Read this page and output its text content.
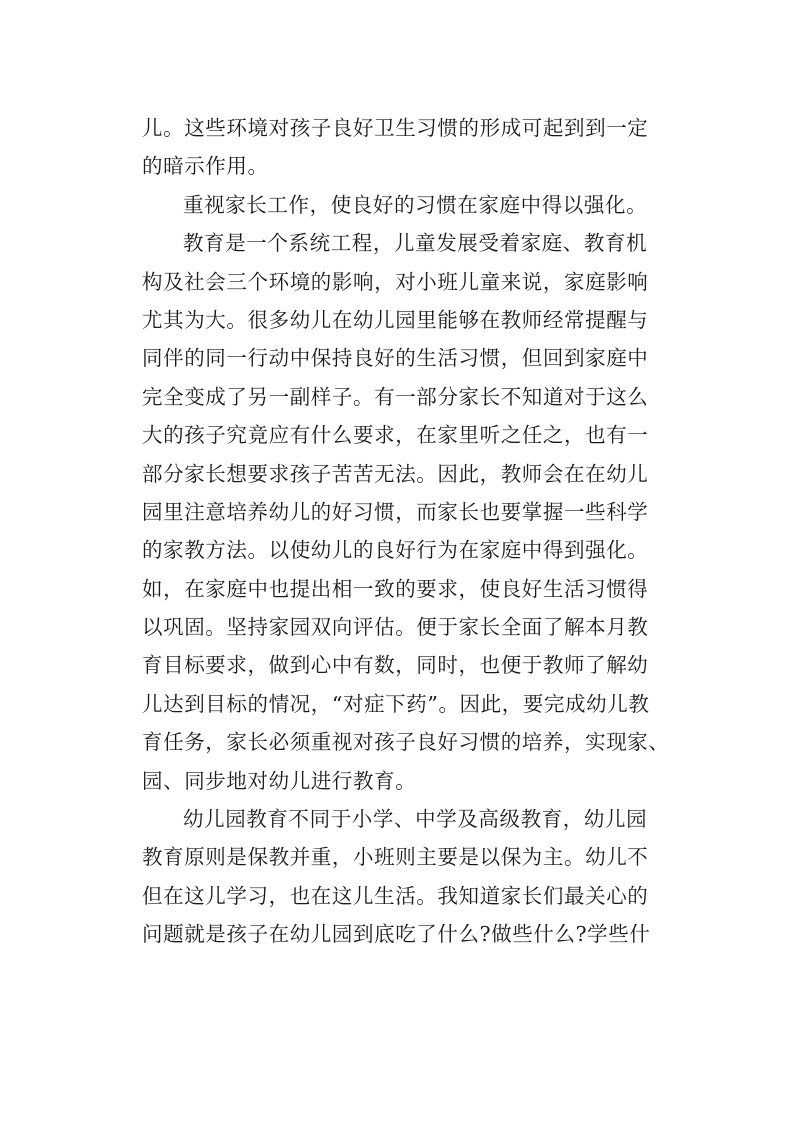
儿。这些环境对孩子良好卫生习惯的形成可起到到一定
的暗示作用。
重视家长工作，使良好的习惯在家庭中得以强化。
教育是一个系统工程，儿童发展受着家庭、教育机
构及社会三个环境的影响，对小班儿童来说，家庭影响
尤其为大。很多幼儿在幼儿园里能够在教师经常提醒与
同伴的同一行动中保持良好的生活习惯，但回到家庭中
完全变成了另一副样子。有一部分家长不知道对于这么
大的孩子究竟应有什么要求，在家里听之任之，也有一
部分家长想要求孩子苦苦无法。因此，教师会在在幼儿
园里注意培养幼儿的好习惯，而家长也要掌握一些科学
的家教方法。以使幼儿的良好行为在家庭中得到强化。
如，在家庭中也提出相一致的要求，使良好生活习惯得
以巩固。坚持家园双向评估。便于家长全面了解本月教
育目标要求，做到心中有数，同时，也便于教师了解幼
儿达到目标的情况，“对症下药”。因此，要完成幼儿教
育任务，家长必须重视对孩子良好习惯的培养，实现家、
园、同步地对幼儿进行教育。
幼儿园教育不同于小学、中学及高级教育，幼儿园
教育原则是保教并重，小班则主要是以保为主。幼儿不
但在这儿学习，也在这儿生活。我知道家长们最关心的
问题就是孩子在幼儿园到底吃了什么?做些什么?学些什
